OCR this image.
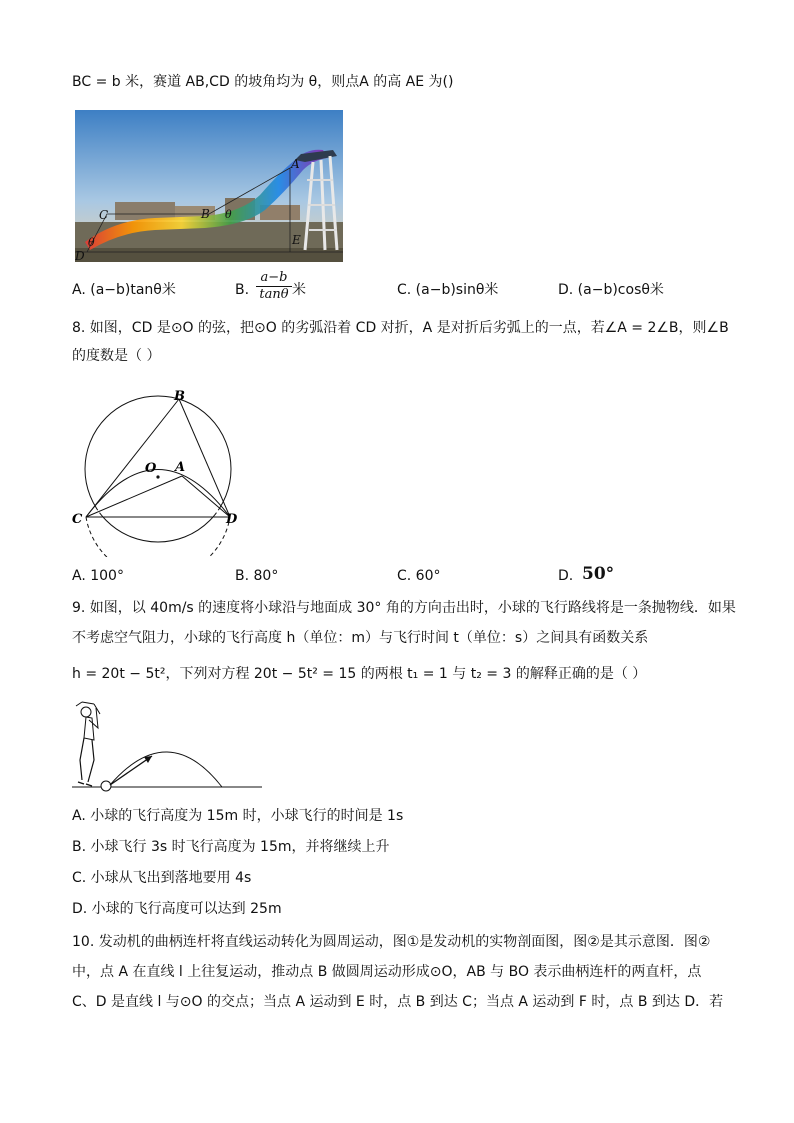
BC = b 米，赛道 AB,CD 的坡角均为 θ，则点A 的高 AE 为()
A
B
C
D
E
θ
θ
A. (a−b)tanθ米	B. $\frac{a-b}{\tan\theta}$ 米	C. (a−b)sinθ米	D. (a−b)cosθ米
8. 如图，CD 是⊙O 的弦，把⊙O 的劣弧沿着 CD 对折，A 是对折后劣弧上的一点，若∠A = 2∠B，则∠B
的度数是（ ）
B
O A
C	D
A. 100°	B. 80°	C. 60°	D. 50°
9. 如图，以 40m/s 的速度将小球沿与地面成 30° 角的方向击出时，小球的飞行路线将是一条抛物线．如果
不考虑空气阻力，小球的飞行高度 h（单位：m）与飞行时间 t（单位：s）之间具有函数关系
h = 20t − 5t²，下列对方程 20t − 5t² = 15 的两根 t₁ = 1 与 t₂ = 3 的解释正确的是（ ）
A. 小球的飞行高度为 15m 时，小球飞行的时间是 1s
B. 小球飞行 3s 时飞行高度为 15m，并将继续上升
C. 小球从飞出到落地要用 4s
D. 小球的飞行高度可以达到 25m
10. 发动机的曲柄连杆将直线运动转化为圆周运动，图①是发动机的实物剖面图，图②是其示意图．图②
中，点 A 在直线 l 上往复运动，推动点 B 做圆周运动形成⊙O，AB 与 BO 表示曲柄连杆的两直杆，点
C、D 是直线 l 与⊙O 的交点；当点 A 运动到 E 时，点 B 到达 C；当点 A 运动到 F 时，点 B 到达 D．若
